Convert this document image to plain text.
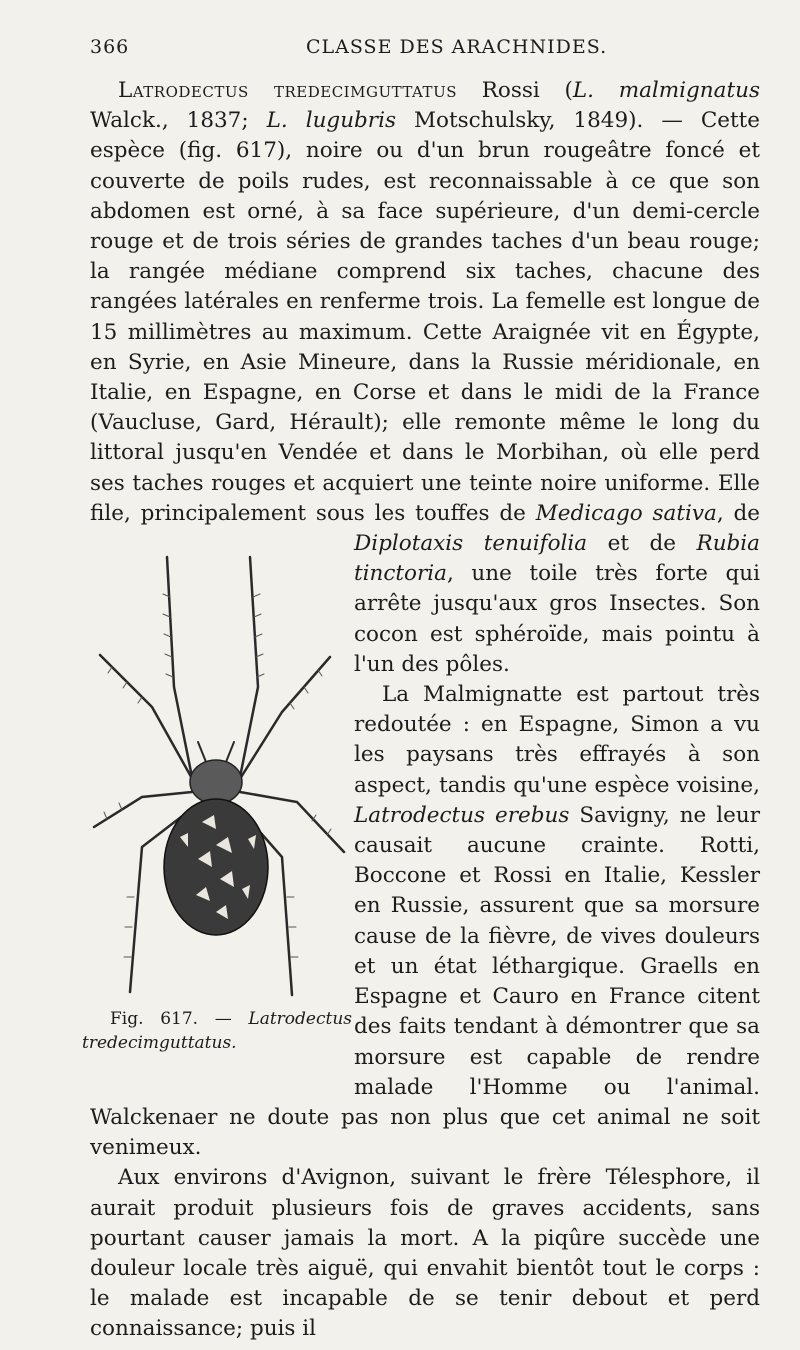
366	CLASSE DES ARACHNIDES.

Latrodectus tredecimguttatus Rossi (L. malmignatus Walck., 1837; L. lugubris Motschulsky, 1849). — Cette espèce (fig. 617), noire ou d'un brun rougeâtre foncé et couverte de poils rudes, est reconnaissable à ce que son abdomen est orné, à sa face supérieure, d'un demi-cercle rouge et de trois séries de grandes taches d'un beau rouge; la rangée médiane comprend six taches, chacune des rangées latérales en renferme trois. La femelle est longue de 15 millimètres au maximum. Cette Araignée vit en Égypte, en Syrie, en Asie Mineure, dans la Russie méridionale, en Italie, en Espagne, en Corse et dans le midi de la France (Vaucluse, Gard, Hérault); elle remonte même le long du littoral jusqu'en Vendée et dans le Morbihan, où elle perd ses taches rouges et acquiert une teinte noire uniforme. Elle file, principalement sous les touffes de
Fig. 617. — Latrodectus tredecimguttatus.
Medicago sativa, de Diplotaxis tenuifolia et de Rubia tinctoria, une toile très forte qui arrête jusqu'aux gros Insectes. Son cocon est sphéroïde, mais pointu à l'un des pôles.

La Malmignatte est partout très redoutée : en Espagne, Simon a vu les paysans très effrayés à son aspect, tandis qu'une espèce voisine, Latrodectus erebus Savigny, ne leur causait aucune crainte. Rotti, Boccone et Rossi en Italie, Kessler en Russie, assurent que sa morsure cause de la fièvre, de vives douleurs et un état léthargique. Graells en Espagne et Cauro en France citent des faits tendant à démontrer que sa morsure est capable de rendre malade l'Homme ou l'animal. Walckenaer ne doute pas non plus que cet animal ne soit venimeux.

Aux environs d'Avignon, suivant le frère Télesphore, il aurait produit plusieurs fois de graves accidents, sans pourtant causer jamais la mort. A la piqûre succède une douleur locale très aiguë, qui envahit bientôt tout le corps : le malade est incapable de se tenir debout et perd connaissance; puis il
